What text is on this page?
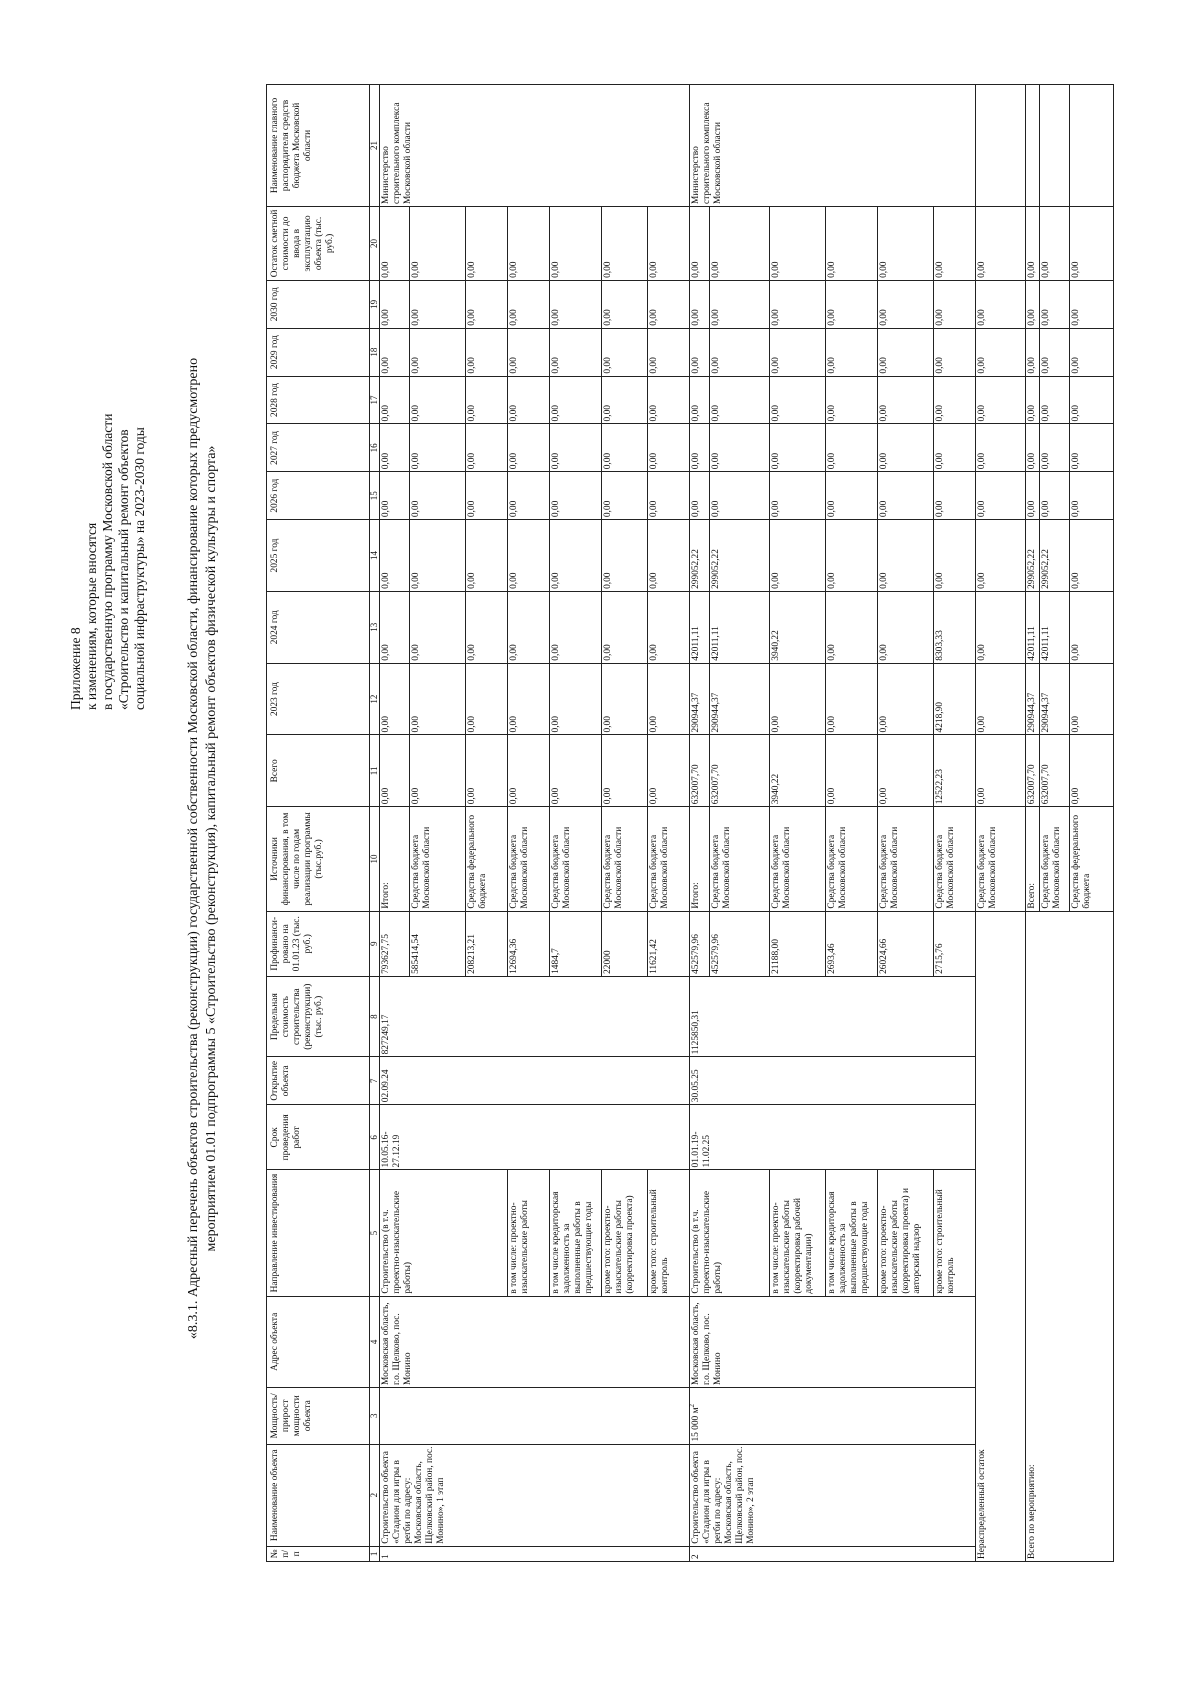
Приложение 8 к изменениям, которые вносятся в государственную программу Московской области «Строительство и капитальный ремонт объектов социальной инфраструктуры» на 2023-2030 годы	«8.3.1. Адресный перечень объектов строительства (реконструкции) государственной собственности Московской области, финансирование которых предусмотрено мероприятием 01.01 подпрограммы 5 «Строительство (реконструкция), капитальный ремонт объектов физической культуры и спорта»
№ п/п	Наименование объекта	Мощность/ прирост мощности объекта	Адрес объекта	Направление инвестирования	Срок проведения работ	Открытие объекта	Предельная стоимость строительства (реконструкции) (тыс. руб.)	Профинанси-ровано на 01.01.23 (тыс. руб.)	Источники финансирования, в том числе по годам реализации программы (тыс.руб.)	Всего	2023 год	2024 год	2025 год	2026 год	2027 год	2028 год	2029 год	2030 год	Остаток сметной стоимости до ввода в эксплуатацию объекта (тыс. руб.)	Наименование главного распорядителя средств бюджета Московской области
1	2	3	4	5	6	7	8	9	10	11	12	13	14	15	16	17	18	19	20	21
1	Строительство объекта «Стадион для игры в регби по адресу: Московская область, Щелковский район, пос. Монино», 1 этап		Московская область, г.о. Щелково, пос. Монино	Строительство (в т.ч. проектно-изыскательские работы)	10.05.16-27.12.19	02.09.24	827249,17	793627,75	Итого:	0,00	0,00	0,00	0,00	0,00	0,00	0,00	0,00	0,00	0,00	Министерство строительного комплекса Московской области
								585414,54	Средства бюджета Московской области	0,00	0,00	0,00	0,00	0,00	0,00	0,00	0,00	0,00	0,00	
								208213,21	Средства федерального бюджета	0,00	0,00	0,00	0,00	0,00	0,00	0,00	0,00	0,00	0,00	
				в том числе: проектно-изыскательские работы				12694,36	Средства бюджета Московской области	0,00	0,00	0,00	0,00	0,00	0,00	0,00	0,00	0,00	0,00	
				в том числе кредиторская задолженность за выполненные работы в предшествующие годы				1484,7	Средства бюджета Московской области	0,00	0,00	0,00	0,00	0,00	0,00	0,00	0,00	0,00	0,00	
				кроме того: проектно-изыскательские работы (корректировка проекта)				22000	Средства бюджета Московской области	0,00	0,00	0,00	0,00	0,00	0,00	0,00	0,00	0,00	0,00	
				кроме того: строительный контроль				11621,42	Средства бюджета Московской области	0,00	0,00	0,00	0,00	0,00	0,00	0,00	0,00	0,00	0,00	
2	Строительство объекта «Стадион для игры в регби по адресу: Московская область, Щелковский район, пос. Монино», 2 этап	15 000 $м^2$	Московская область, г.о. Щелково, пос. Монино	Строительство (в т.ч. проектно-изыскательские работы)	01.01.19-11.02.25	30.05.25	1125850,31	452579,96	Итого:	632007,70	290944,37	42011,11	299052,22	0,00	0,00	0,00	0,00	0,00	0,00	Министерство строительного комплекса Московской области
								452579,96	Средства бюджета Московской области	632007,70	290944,37	42011,11	299052,22	0,00	0,00	0,00	0,00	0,00	0,00	
				в том числе: проектно-изыскательские работы (корректировка рабочей документации)				21188,00	Средства бюджета Московской области	3940,22	0,00	3940,22	0,00	0,00	0,00	0,00	0,00	0,00	0,00	
				в том числе кредиторская задолженность за выполненные работы в предшествующие годы				2693,46	Средства бюджета Московской области	0,00	0,00	0,00	0,00	0,00	0,00	0,00	0,00	0,00	0,00	
				кроме того: проектно-изыскательские работы (корректировка проекта) и авторский надзор				26024,66	Средства бюджета Московской области	0,00	0,00	0,00	0,00	0,00	0,00	0,00	0,00	0,00	0,00	
				кроме того: строительный контроль				2715,76	Средства бюджета Московской области	12522,23	4218,90	8303,33	0,00	0,00	0,00	0,00	0,00	0,00	0,00	
Нераспределенный остаток									Средства бюджета Московской области	0,00	0,00	0,00	0,00	0,00	0,00	0,00	0,00	0,00	0,00	
Всего по мероприятию:									Всего:	632007,70	290944,37	42011,11	299052,22	0,00	0,00	0,00	0,00	0,00	0,00	
									Средства бюджета Московской области	632007,70	290944,37	42011,11	299052,22	0,00	0,00	0,00	0,00	0,00	0,00	
									Средства федерального бюджета	0,00	0,00	0,00	0,00	0,00	0,00	0,00	0,00	0,00	0,00	
